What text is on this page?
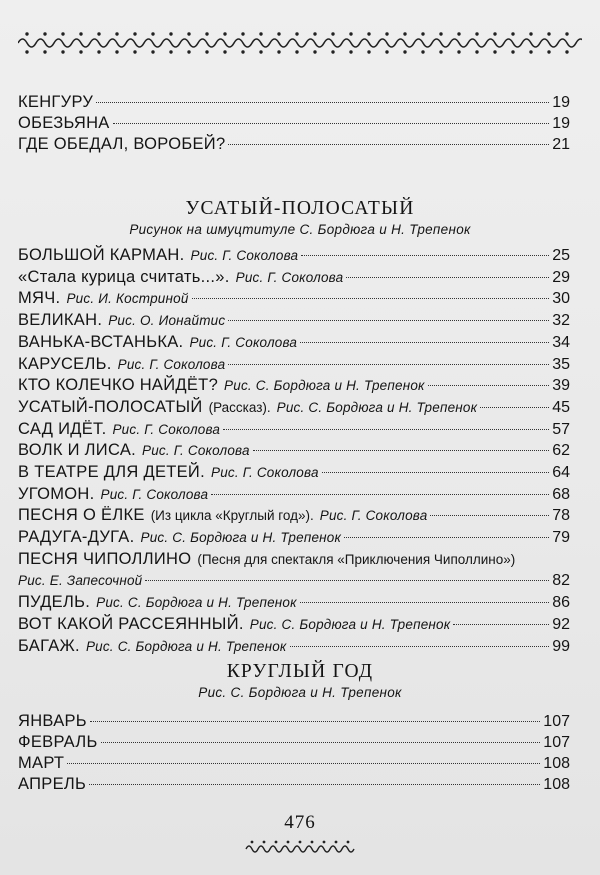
КЕНГУРУ	19
ОБЕЗЬЯНА	19
ГДЕ ОБЕДАЛ, ВОРОБЕЙ?	21
УСАТЫЙ-ПОЛОСАТЫЙ
Рисунок на шмуцтитуле С. Бордюга и Н. Трепенок
БОЛЬШОЙ КАРМАН. Рис. Г. Соколова	25
«Стала курица считать...». Рис. Г. Соколова	29
МЯЧ. Рис. И. Костриной	30
ВЕЛИКАН. Рис. О. Ионайтис	32
ВАНЬКА-ВСТАНЬКА. Рис. Г. Соколова	34
КАРУСЕЛЬ. Рис. Г. Соколова	35
КТО КОЛЕЧКО НАЙДЁТ? Рис. С. Бордюга и Н. Трепенок	39
УСАТЫЙ-ПОЛОСАТЫЙ (Рассказ). Рис. С. Бордюга и Н. Трепенок	45
САД ИДЁТ. Рис. Г. Соколова	57
ВОЛК И ЛИСА. Рис. Г. Соколова	62
В ТЕАТРЕ ДЛЯ ДЕТЕЙ. Рис. Г. Соколова	64
УГОМОН. Рис. Г. Соколова	68
ПЕСНЯ О ЁЛКЕ (Из цикла «Круглый год»). Рис. Г. Соколова	78
РАДУГА-ДУГА. Рис. С. Бордюга и Н. Трепенок	79
ПЕСНЯ ЧИПОЛЛИНО (Песня для спектакля «Приключения Чиполлино»)
Рис. Е. Запесочной	82
ПУДЕЛЬ. Рис. С. Бордюга и Н. Трепенок	86
ВОТ КАКОЙ РАССЕЯННЫЙ. Рис. С. Бордюга и Н. Трепенок	92
БАГАЖ. Рис. С. Бордюга и Н. Трепенок	99
КРУГЛЫЙ ГОД
Рис. С. Бордюга и Н. Трепенок
ЯНВАРЬ	107
ФЕВРАЛЬ	107
МАРТ	108
АПРЕЛЬ	108
476
